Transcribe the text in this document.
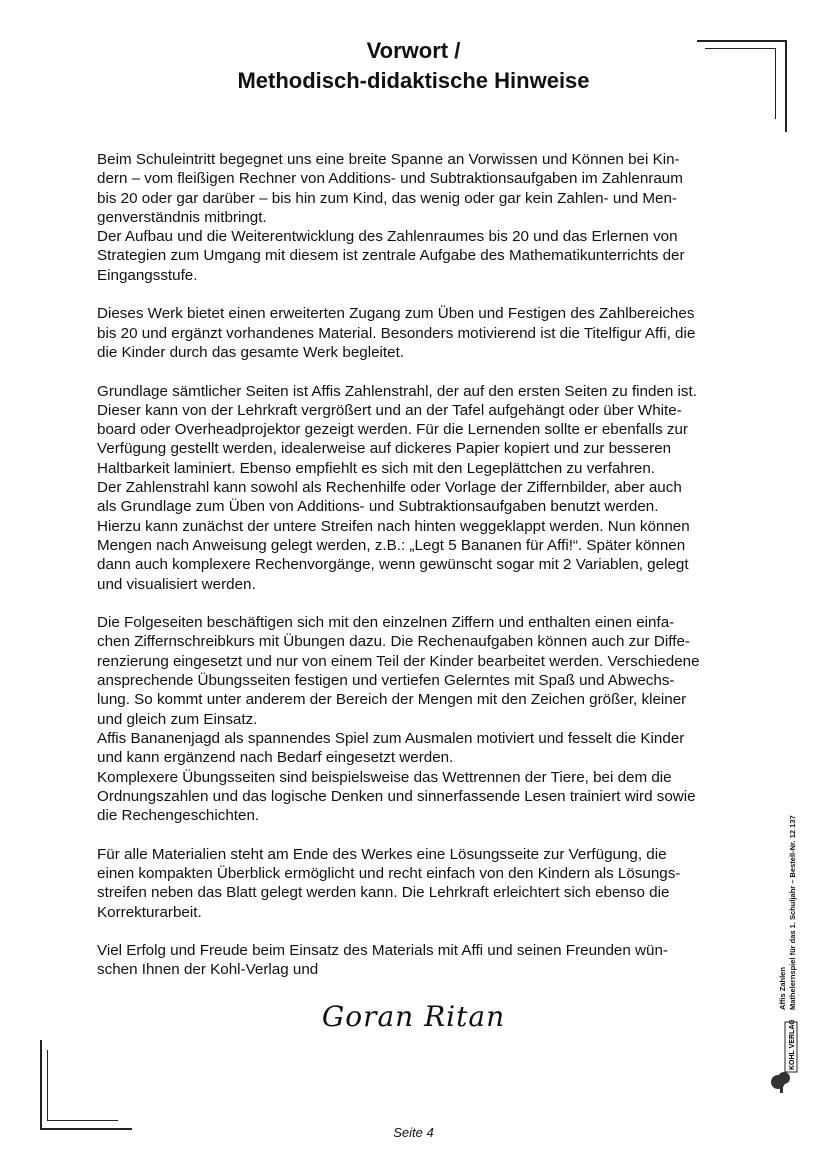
Vorwort /
Methodisch-didaktische Hinweise
Beim Schuleintritt begegnet uns eine breite Spanne an Vorwissen und Können bei Kin-
dern – vom fleißigen Rechner von Additions- und Subtraktionsaufgaben im Zahlenraum
bis 20 oder gar darüber – bis hin zum Kind, das wenig oder gar kein Zahlen- und Men-
genverständnis mitbringt.
Der Aufbau und die Weiterentwicklung des Zahlenraumes bis 20 und das Erlernen von
Strategien zum Umgang mit diesem ist zentrale Aufgabe des Mathematikunterrichts der
Eingangsstufe.
Dieses Werk bietet einen erweiterten Zugang zum Üben und Festigen des Zahlbereiches
bis 20 und ergänzt vorhandenes Material. Besonders motivierend ist die Titelfigur Affi, die
die Kinder durch das gesamte Werk begleitet.
Grundlage sämtlicher Seiten ist Affis Zahlenstrahl, der auf den ersten Seiten zu finden ist.
Dieser kann von der Lehrkraft vergrößert und an der Tafel aufgehängt oder über White-
board oder Overheadprojektor gezeigt werden. Für die Lernenden sollte er ebenfalls zur
Verfügung gestellt werden, idealerweise auf dickeres Papier kopiert und zur besseren
Haltbarkeit laminiert. Ebenso empfiehlt es sich mit den Legeplättchen zu verfahren.
Der Zahlenstrahl kann sowohl als Rechenhilfe oder Vorlage der Ziffernbilder, aber auch
als Grundlage zum Üben von Additions- und Subtraktionsaufgaben benutzt werden.
Hierzu kann zunächst der untere Streifen nach hinten weggeklappt werden. Nun können
Mengen nach Anweisung gelegt werden, z.B.: „Legt 5 Bananen für Affi!“. Später können
dann auch komplexere Rechenvorgänge, wenn gewünscht sogar mit 2 Variablen, gelegt
und visualisiert werden.
Die Folgeseiten beschäftigen sich mit den einzelnen Ziffern und enthalten einen einfa-
chen Ziffernschreibkurs mit Übungen dazu. Die Rechenaufgaben können auch zur Diffe-
renzierung eingesetzt und nur von einem Teil der Kinder bearbeitet werden. Verschiedene
ansprechende Übungsseiten festigen und vertiefen Gelerntes mit Spaß und Abwechs-
lung. So kommt unter anderem der Bereich der Mengen mit den Zeichen größer, kleiner
und gleich zum Einsatz.
Affis Bananenjagd als spannendes Spiel zum Ausmalen motiviert und fesselt die Kinder
und kann ergänzend nach Bedarf eingesetzt werden.
Komplexere Übungsseiten sind beispielsweise das Wettrennen der Tiere, bei dem die
Ordnungszahlen und das logische Denken und sinnerfassende Lesen trainiert wird sowie
die Rechengeschichten.
Für alle Materialien steht am Ende des Werkes eine Lösungsseite zur Verfügung, die
einen kompakten Überblick ermöglicht und recht einfach von den Kindern als Lösungs-
streifen neben das Blatt gelegt werden kann. Die Lehrkraft erleichtert sich ebenso die
Korrekturarbeit.
Viel Erfolg und Freude beim Einsatz des Materials mit Affi und seinen Freunden wün-
schen Ihnen der Kohl-Verlag und
Goran Ritan
Seite 4
Affis Zahlen Mathelernspiel für das 1. Schuljahr – Bestell-Nr. 12 137
KOHL VERLAG
